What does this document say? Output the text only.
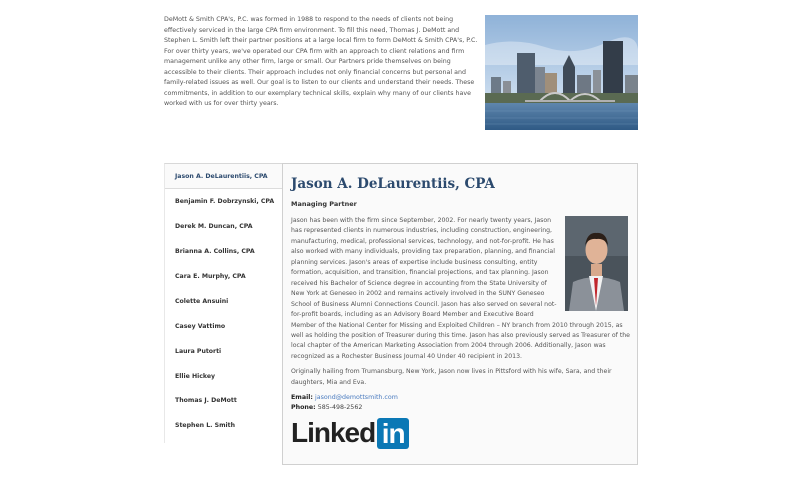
DeMott & Smith CPA's, P.C. was formed in 1988 to respond to the needs of clients not being effectively serviced in the large CPA firm environment. To fill this need, Thomas J. DeMott and Stephen L. Smith left their partner positions at a large local firm to form DeMott & Smith CPA's, P.C. For over thirty years, we've operated our CPA firm with an approach to client relations and firm management unlike any other firm, large or small. Our Partners pride themselves on being accessible to their clients. Their approach includes not only financial concerns but personal and family-related issues as well. Our goal is to listen to our clients and understand their needs. These commitments, in addition to our exemplary technical skills, explain why many of our clients have worked with us for over thirty years.

Jason A. DeLaurentiis, CPA
Benjamin F. Dobrzynski, CPA
Derek M. Duncan, CPA
Brianna A. Collins, CPA
Cara E. Murphy, CPA
Colette Ansuini
Casey Vattimo
Laura Putorti
Ellie Hickey
Thomas J. DeMott
Stephen L. Smith
Jason A. DeLaurentiis, CPA
Managing Partner

Jason has been with the firm since September, 2002. For nearly twenty years, Jason has represented clients in numerous industries, including construction, engineering, manufacturing, medical, professional services, technology, and not-for-profit. He has also worked with many individuals, providing tax preparation, planning, and financial planning services. Jason's areas of expertise include business consulting, entity formation, acquisition, and transition, financial projections, and tax planning. Jason received his Bachelor of Science degree in accounting from the State University of New York at Geneseo in 2002 and remains actively involved in the SUNY Geneseo School of Business Alumni Connections Council. Jason has also served on several not-for-profit boards, including as an Advisory Board Member and Executive Board Member of the National Center for Missing and Exploited Children – NY branch from 2010 through 2015, as well as holding the position of Treasurer during this time. Jason has also previously served as Treasurer of the local chapter of the American Marketing Association from 2004 through 2006. Additionally, Jason was recognized as a Rochester Business Journal 40 Under 40 recipient in 2013.

Originally hailing from Trumansburg, New York, Jason now lives in Pittsford with his wife, Sara, and their daughters, Mia and Eva.

Email: jasond@demottsmith.com
Phone: 585-498-2562
Linked in
